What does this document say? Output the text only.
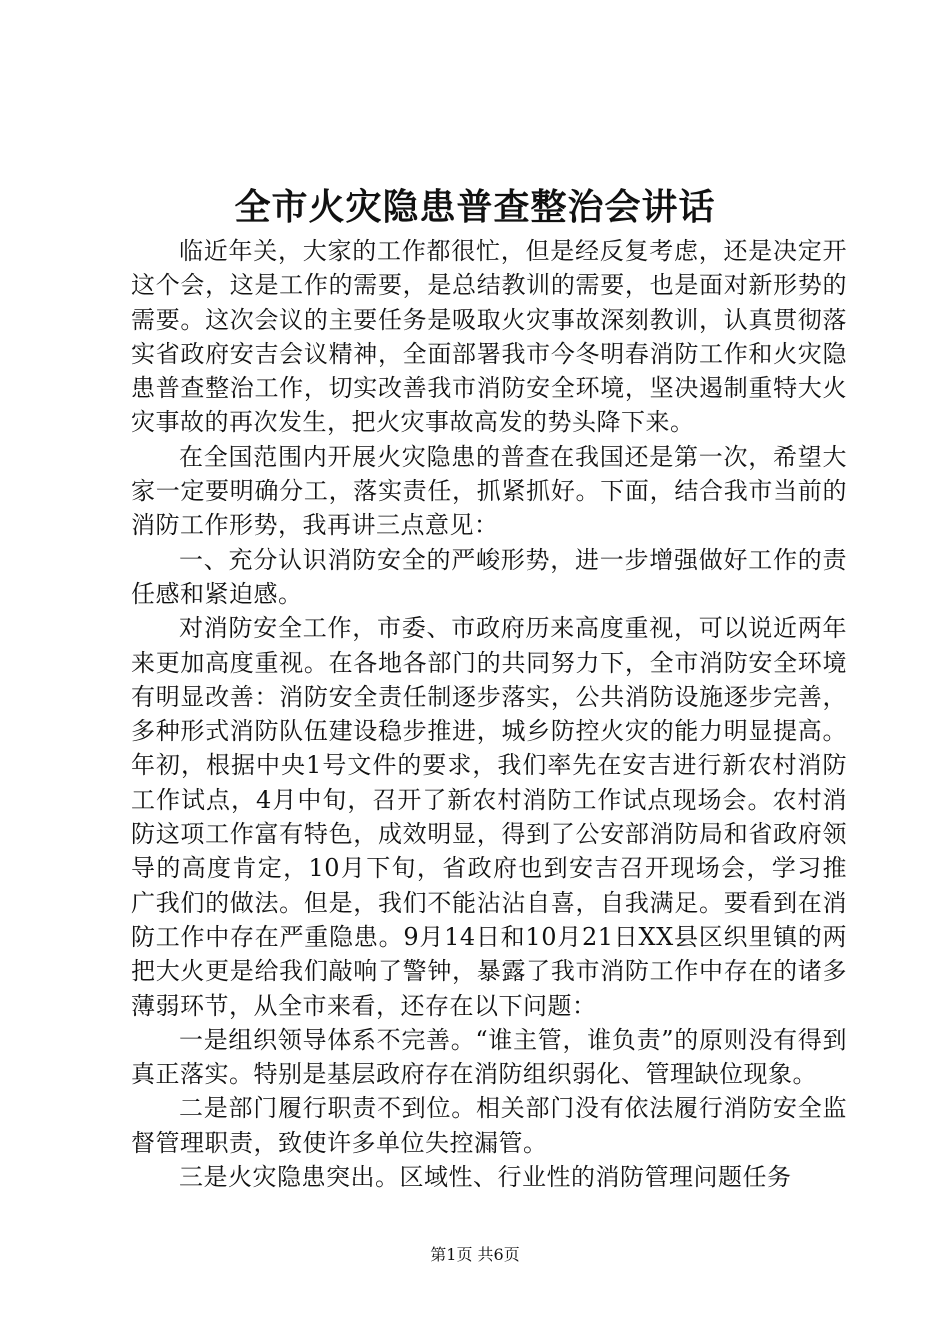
全市火灾隐患普查整治会讲话

临近年关，大家的工作都很忙，但是经反复考虑，还是决定开这个会，这是工作的需要，是总结教训的需要，也是面对新形势的需要。这次会议的主要任务是吸取火灾事故深刻教训，认真贯彻落实省政府安吉会议精神，全面部署我市今冬明春消防工作和火灾隐患普查整治工作，切实改善我市消防安全环境，坚决遏制重特大火灾事故的再次发生，把火灾事故高发的势头降下来。

在全国范围内开展火灾隐患的普查在我国还是第一次，希望大家一定要明确分工，落实责任，抓紧抓好。下面，结合我市当前的消防工作形势，我再讲三点意见：

一、充分认识消防安全的严峻形势，进一步增强做好工作的责任感和紧迫感。

对消防安全工作，市委、市政府历来高度重视，可以说近两年来更加高度重视。在各地各部门的共同努力下，全市消防安全环境有明显改善：消防安全责任制逐步落实，公共消防设施逐步完善，多种形式消防队伍建设稳步推进，城乡防控火灾的能力明显提高。年初，根据中央1号文件的要求，我们率先在安吉进行新农村消防工作试点，4月中旬，召开了新农村消防工作试点现场会。农村消防这项工作富有特色，成效明显，得到了公安部消防局和省政府领导的高度肯定，10月下旬，省政府也到安吉召开现场会，学习推广我们的做法。但是，我们不能沾沾自喜，自我满足。要看到在消防工作中存在严重隐患。9月14日和10月21日XX县区织里镇的两把大火更是给我们敲响了警钟，暴露了我市消防工作中存在的诸多薄弱环节，从全市来看，还存在以下问题：

一是组织领导体系不完善。“谁主管，谁负责”的原则没有得到真正落实。特别是基层政府存在消防组织弱化、管理缺位现象。

二是部门履行职责不到位。相关部门没有依法履行消防安全监督管理职责，致使许多单位失控漏管。

三是火灾隐患突出。区域性、行业性的消防管理问题任务

第1页 共6页
